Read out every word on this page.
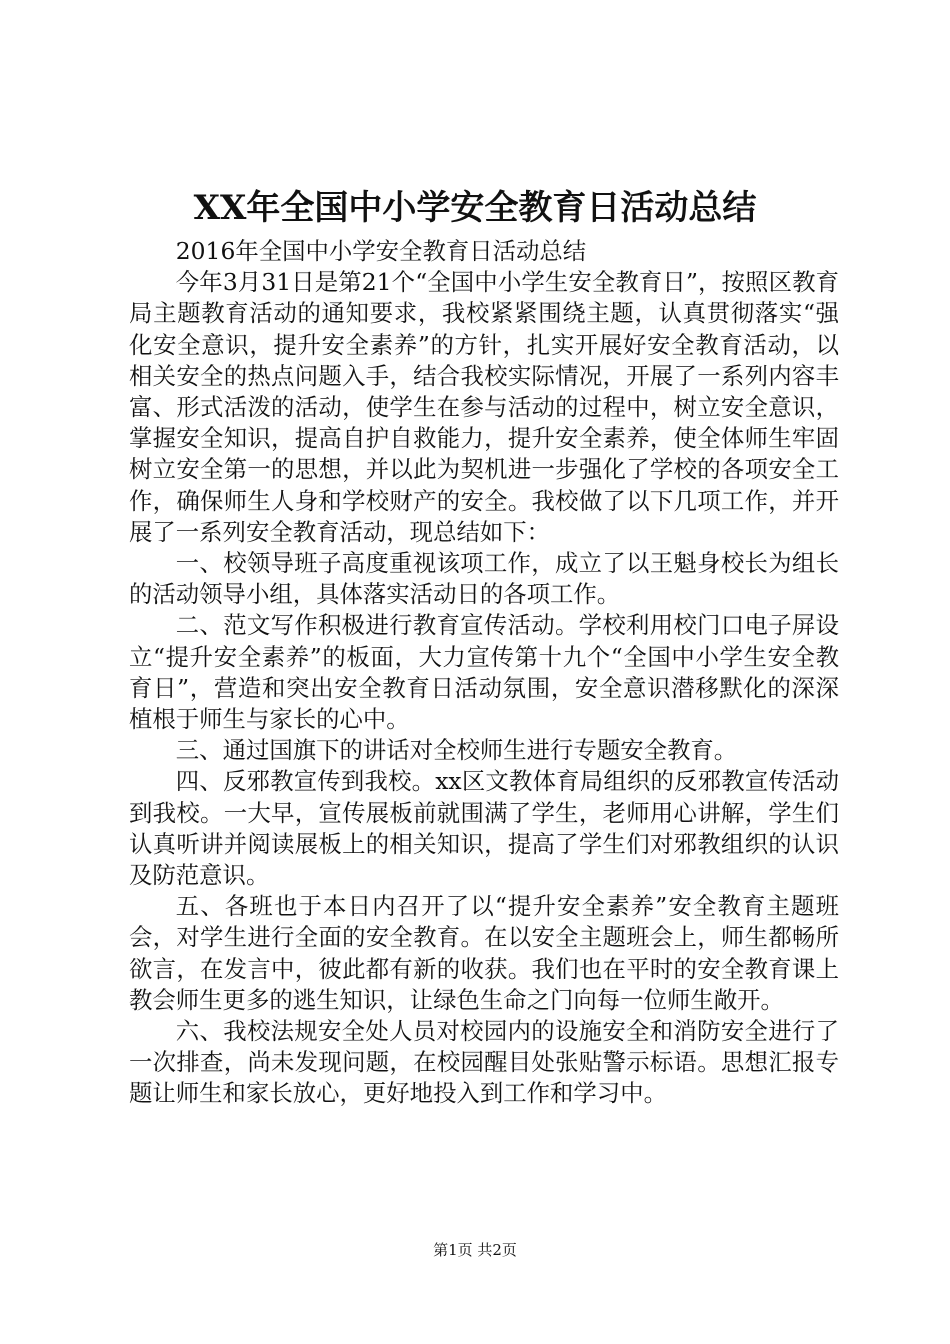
XX年全国中小学安全教育日活动总结

2016年全国中小学安全教育日活动总结

今年3月31日是第21个“全国中小学生安全教育日”，按照区教育局主题教育活动的通知要求，我校紧紧围绕主题，认真贯彻落实“强化安全意识，提升安全素养”的方针，扎实开展好安全教育活动，以相关安全的热点问题入手，结合我校实际情况，开展了一系列内容丰富、形式活泼的活动，使学生在参与活动的过程中，树立安全意识，掌握安全知识，提高自护自救能力，提升安全素养，使全体师生牢固树立安全第一的思想，并以此为契机进一步强化了学校的各项安全工作，确保师生人身和学校财产的安全。我校做了以下几项工作，并开展了一系列安全教育活动，现总结如下：

一、校领导班子高度重视该项工作，成立了以王魁身校长为组长的活动领导小组，具体落实活动日的各项工作。

二、范文写作积极进行教育宣传活动。学校利用校门口电子屏设立“提升安全素养”的板面，大力宣传第十九个“全国中小学生安全教育日”，营造和突出安全教育日活动氛围，安全意识潜移默化的深深植根于师生与家长的心中。

三、通过国旗下的讲话对全校师生进行专题安全教育。

四、反邪教宣传到我校。xx区文教体育局组织的反邪教宣传活动到我校。一大早，宣传展板前就围满了学生，老师用心讲解，学生们认真听讲并阅读展板上的相关知识，提高了学生们对邪教组织的认识及防范意识。

五、各班也于本日内召开了以“提升安全素养”安全教育主题班会，对学生进行全面的安全教育。在以安全主题班会上，师生都畅所欲言，在发言中，彼此都有新的收获。我们也在平时的安全教育课上教会师生更多的逃生知识，让绿色生命之门向每一位师生敞开。

六、我校法规安全处人员对校园内的设施安全和消防安全进行了一次排查，尚未发现问题，在校园醒目处张贴警示标语。思想汇报专题让师生和家长放心，更好地投入到工作和学习中。

第1页 共2页
